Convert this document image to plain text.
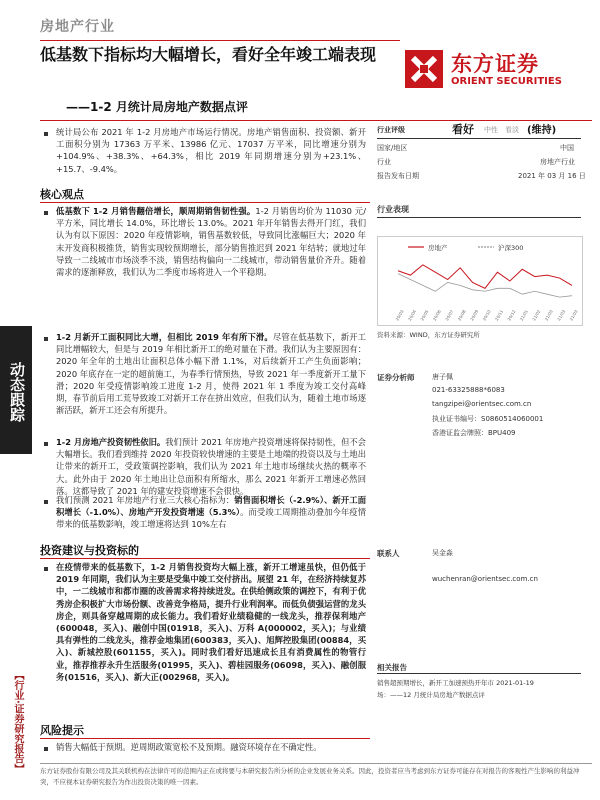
动态跟踪
【行业·证券研究报告】
房地产行业
低基数下指标均大幅增长，看好全年竣工端表现
——1-2 月统计局房地产数据点评
东方证券
ORIENT SECURITIES
统计局公布 2021 年 1-2 月房地产市场运行情况。房地产销售面积、投资额、新开工面积分别为 17363 万平米、13986 亿元、17037 万平米，同比增速分别为+104.9%、+38.3%、+64.3%，相比 2019 年同期增速分别为+23.1%、+15.7、-9.4%。
核心观点
低基数下 1-2 月销售翻倍增长，顺周期销售韧性强。1-2 月销售均价为 11030 元/平方米，同比增长 14.0%，环比增长 13.0%。2021 年开年销售去得开门红，我们认为有以下原因：2020 年疫情影响，销售基数较低，导致同比涨幅巨大；2020 年末开发商积极推货，销售实现较预期增长，部分销售推迟到 2021 年结转；就地过年导致一二线城市市场淡季不淡，销售结构偏向一二线城市，带动销售量价齐升。随着需求的逐渐释放，我们认为二季度市场将进入一个平稳期。
1-2 月新开工面积同比大增，但相比 2019 年有所下滑。尽管在低基数下，新开工同比增幅较大，但是与 2019 年相比新开工的绝对量在下滑。我们认为主要原因有：2020 年全年的土地出让面积总体小幅下滑 1.1%，对后续新开工产生负面影响；2020 年底存在一定的超前施工，为春季行情预热，导致 2021 年一季度新开工量下滑；2020 年受疫情影响竣工进度 1-2 月，使得 2021 年 1 季度为竣工交付高峰期，春节前后用工荒导致竣工对新开工存在挤出效应，但我们认为，随着土地市场逐渐活跃，新开工还会有所提升。
1-2 月房地产投资韧性依旧。我们预计 2021 年房地产投资增速将保持韧性，但不会大幅增长。我们看到维持 2020 年投资较快增速的主要是土地端的投资以及与土地出让带来的新开工，受政策调控影响，我们认为 2021 年土地市场继续火热的概率不大。此外由于 2020 年土地出让总面积有所缩水，那么 2021 年新开工增速必然回落。这都导致了 2021 年的建安投资增速不会很快。
我们预测 2021 年房地产行业三大核心指标为：销售面积增长（-2.9%）、新开工面积增长（-1.0%）、房地产开发投资增速（5.3%）。而受竣工周期推动叠加今年疫情带来的低基数影响，竣工增速将达到 10%左右
投资建议与投资标的
在疫情带来的低基数下，1-2 月销售投资均大幅上涨，新开工增速虽快，但仍低于 2019 年同期，我们认为主要是受集中竣工交付挤出。展望 21 年，在经济持续复苏中，一二线城市和都市圈的改善需求将持续迸发。在供给侧政策的调控下，有利于优秀房企积极扩大市场份额、改善竞争格局，提升行业利润率。而低负债强运营的龙头房企，则具备穿越周期的成长能力。我们看好业绩稳健的一线龙头，推荐保利地产(600048，买入)、融创中国(01918，买入)、万科 A(000002，买入)；与业绩具有弹性的二线龙头，推荐金地集团(600383，买入)、旭辉控股集团(00884，买入)、新城控股(601155，买入)。同时我们看好迅速成长且有消费属性的物管行业，推荐推荐永升生活服务(01995，买入)、碧桂园服务(06098，买入)、融创服务(01516，买入)、新大正(002968，买入)。
风险提示
销售大幅低于预期。逆周期政策宽松不及预期。融资环境存在不确定性。
行业评级	看好 中性 看淡 (维持)
国家/地区	中国
行业	房地产行业
报告发布日期	2021 年 03 月 16 日
行业表现
房地产	沪深300
20/03 20/04 20/05 20/06 20/07 20/08 20/09 20/10 20/11 20/12 21/01 21/02 21/03 21/03 21/03
资料来源：WIND，东方证券研究所
证券分析师	唐子佩
021-63325888*6083
tangzipei@orientsec.com.cn
执业证书编号：S0860514060001
香港证监会牌照：BPU409
联系人	吴金淼
wuchenran@orientsec.com.cn
相关报告
销售超预期增长，新开工加速预热开年市 2021-01-19
场：——12 月统计局房地产数据点评
东方证券股份有限公司及其关联机构在法律许可的范围内正在或将要与本研究报告所分析的企业发展业务关系。因此，投资者应当考虑到东方证券可能存在对报告的客观性产生影响的利益冲突，不应视本证券研究报告为作出投资决策的唯一因素。
